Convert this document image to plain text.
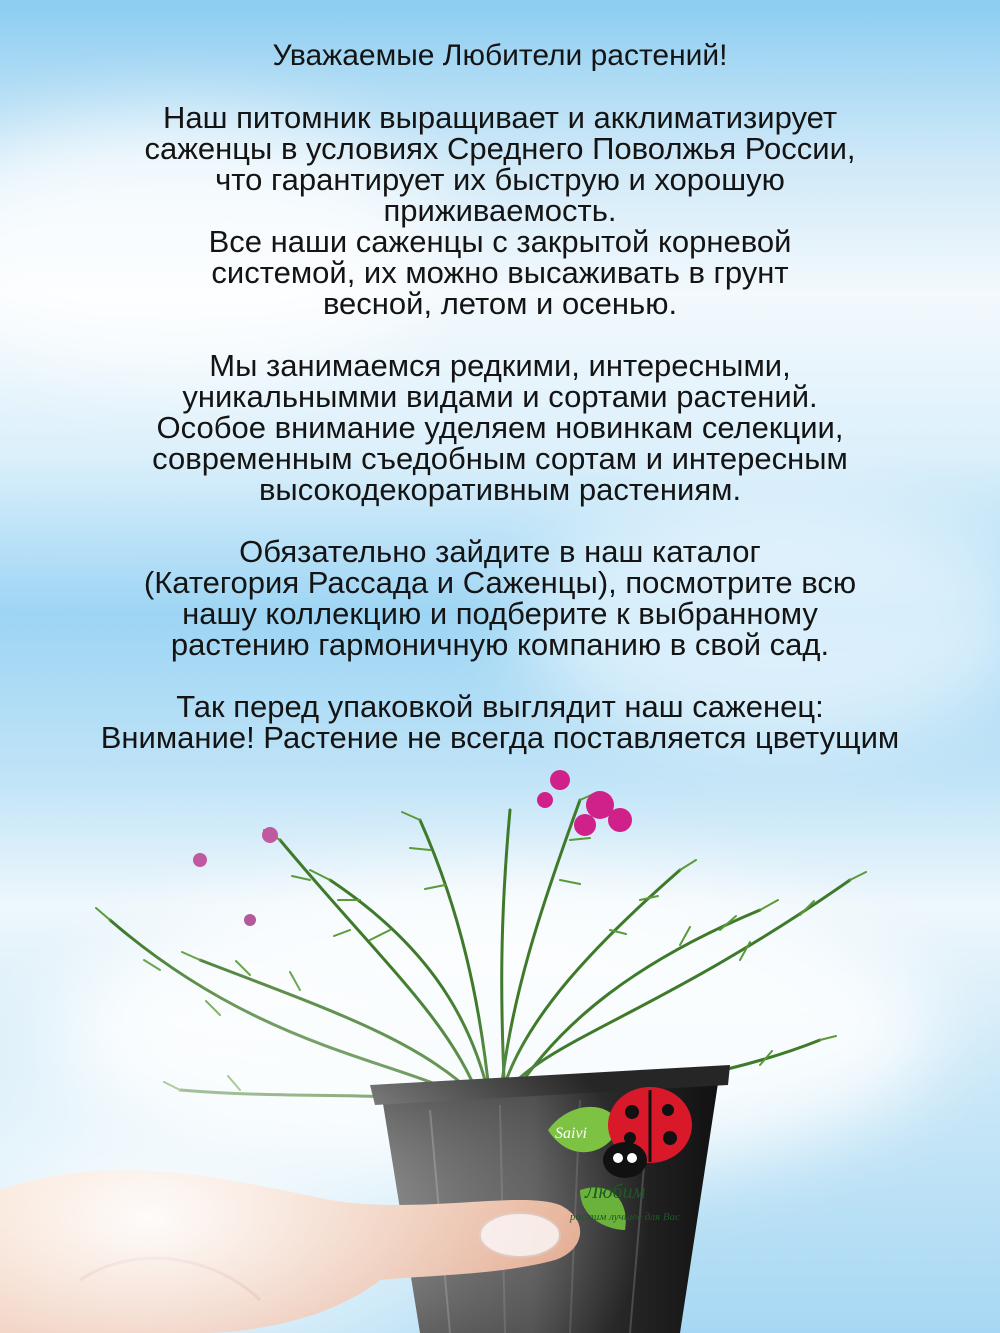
Уважаемые Любители растений!

Наш питомник выращивает и акклиматизирует

саженцы в условиях Среднего Поволжья России,

что гарантирует их быструю и хорошую

приживаемость.

Все наши саженцы с закрытой корневой

системой, их можно высаживать в грунт

весной, летом и осенью.

Мы занимаемся редкими, интересными,

уникальнымми видами и сортами растений.

Особое внимание уделяем новинкам селекции,

современным съедобным сортам и интересным

высокодекоративным растениям.

Обязательно зайдите в наш каталог

(Категория Рассада и Саженцы), посмотрите всю

нашу коллекцию и подберите к выбранному

растению гармоничную компанию в свой сад.

Так перед упаковкой выглядит наш саженец:

Внимание! Растение не всегда поставляется цветущим

Saivi
Любим
растим лучшее для Вас
